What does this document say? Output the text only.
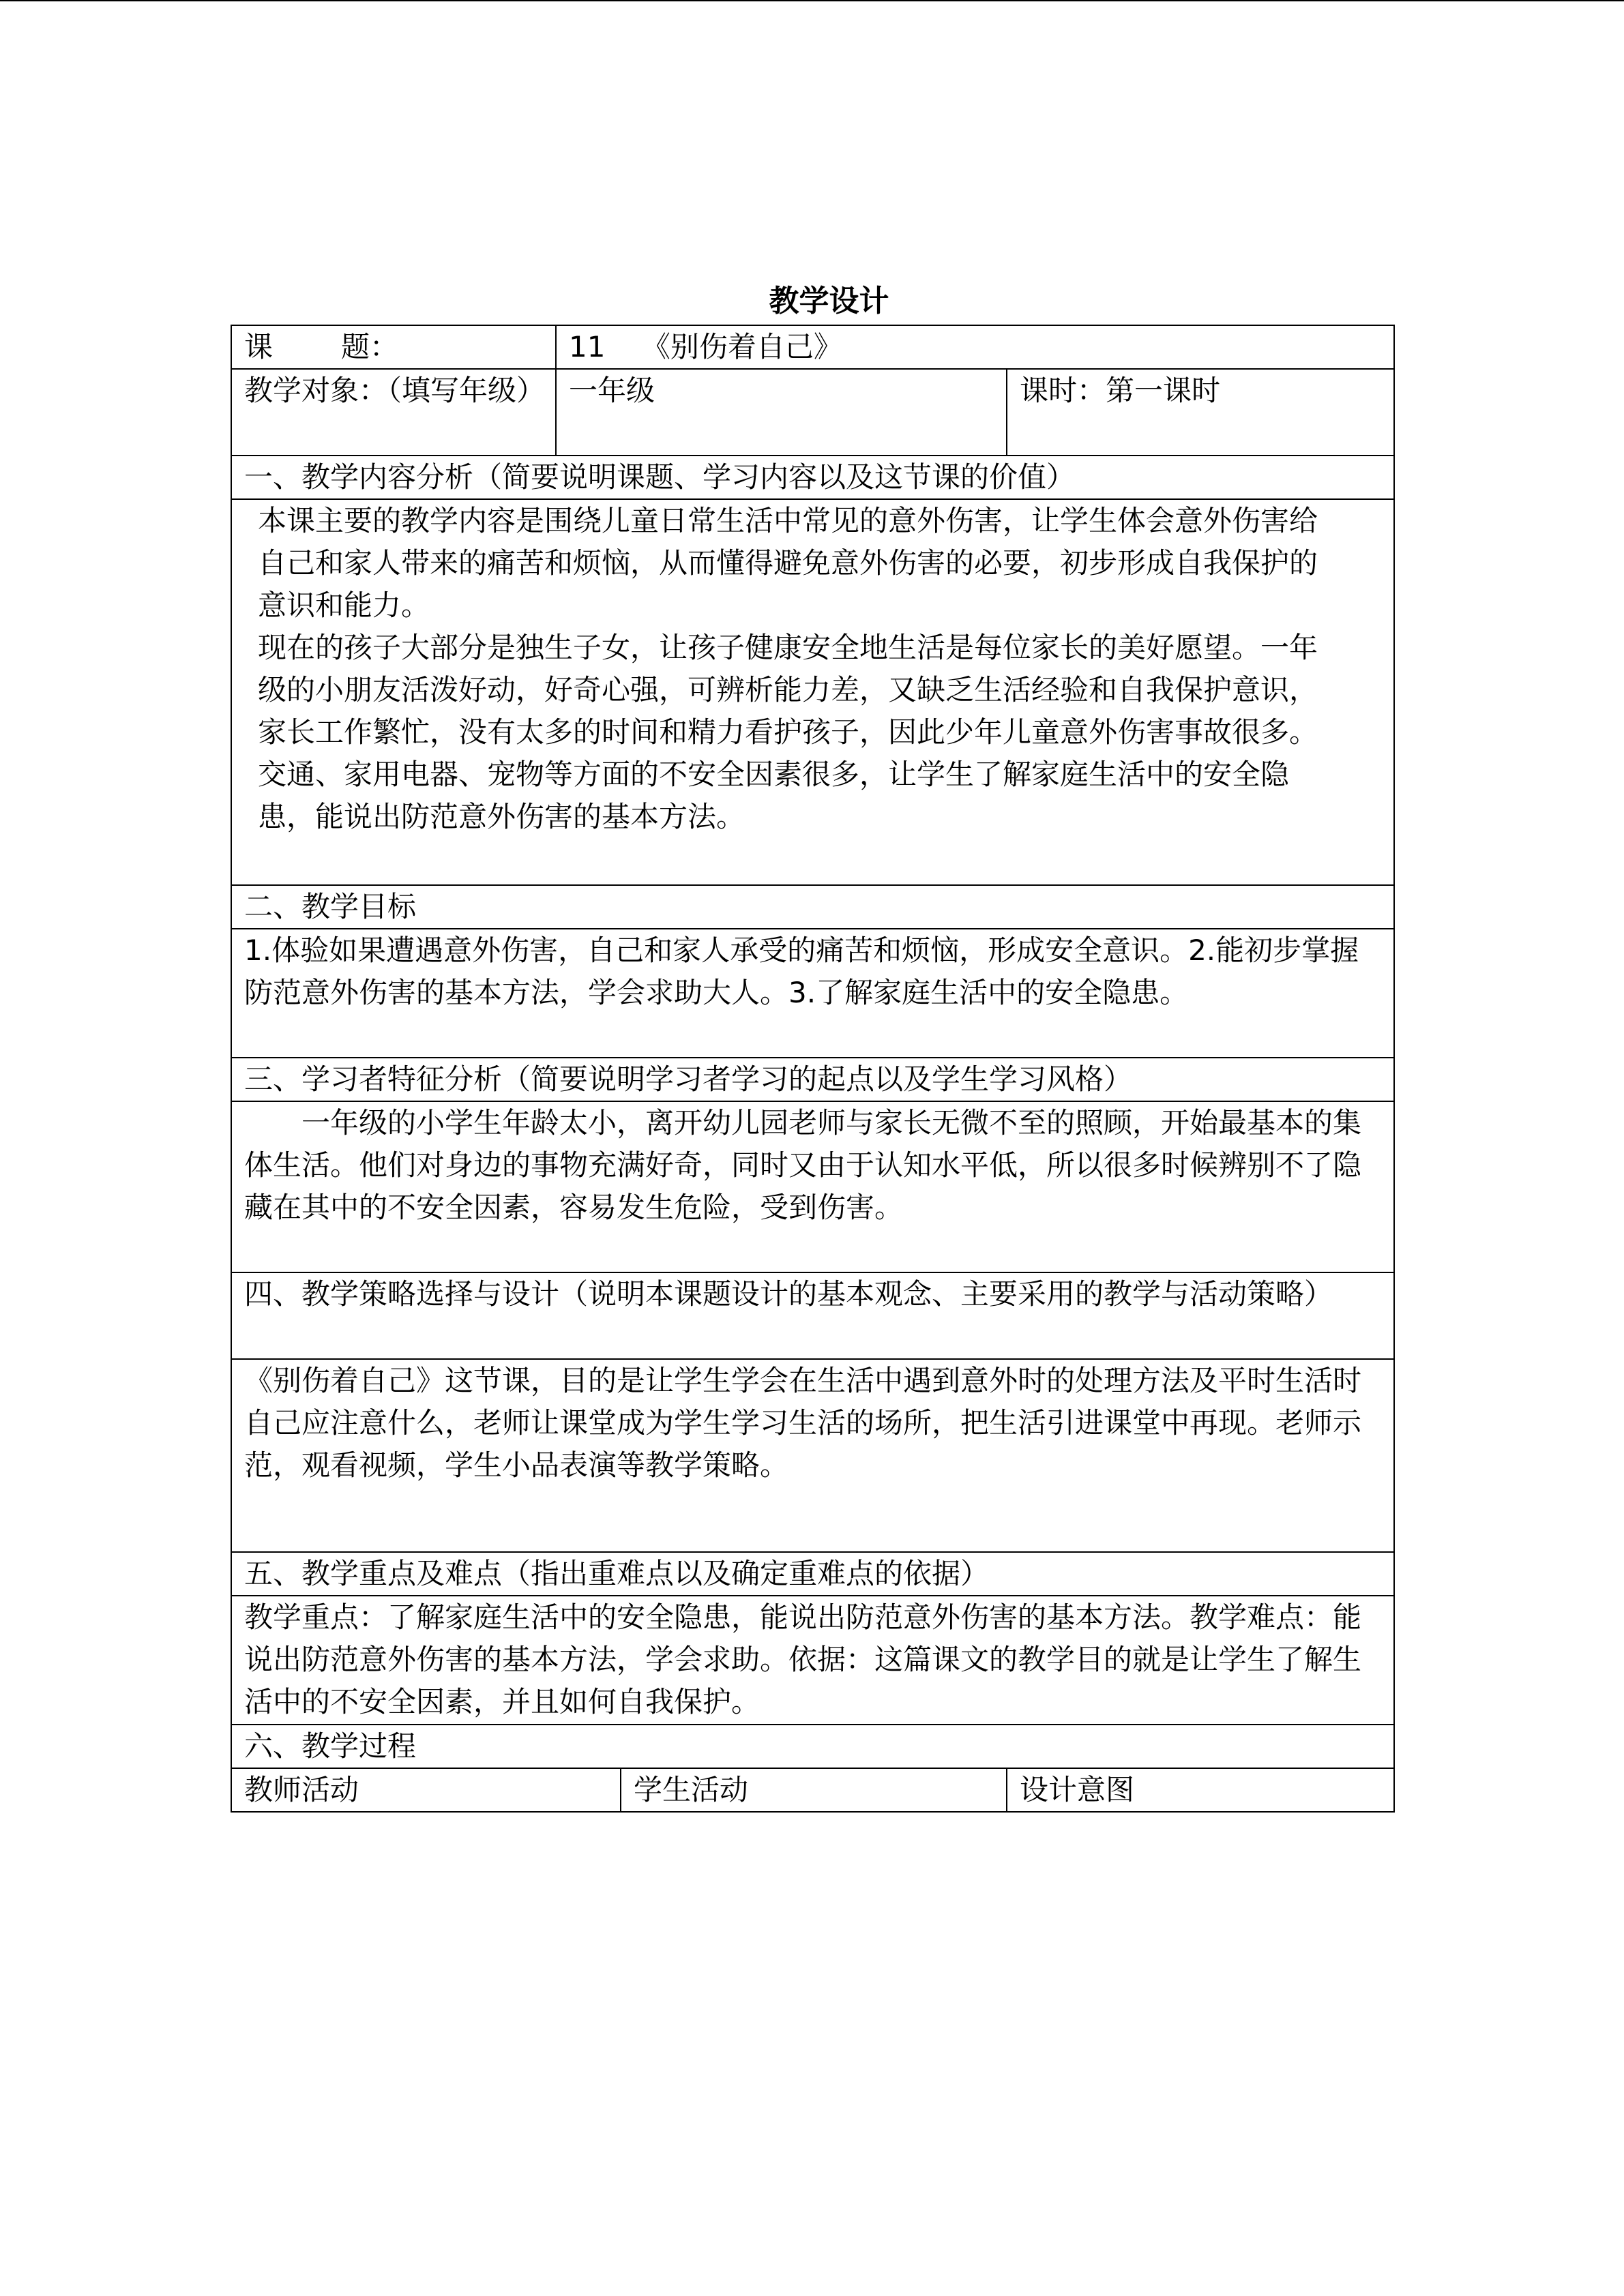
教学设计
课 题：	11 《别伤着自己》		
教学对象：（填写年级）	一年级		课时：第一课时
一、教学内容分析（简要说明课题、学习内容以及这节课的价值）			

本课主要的教学内容是围绕儿童日常生活中常见的意外伤害，让学生体会意外伤害给自己和家人带来的痛苦和烦恼，从而懂得避免意外伤害的必要，初步形成自我保护的意识和能力。

现在的孩子大部分是独生子女，让孩子健康安全地生活是每位家长的美好愿望。一年级的小朋友活泼好动，好奇心强，可辨析能力差，又缺乏生活经验和自我保护意识，家长工作繁忙，没有太多的时间和精力看护孩子，因此少年儿童意外伤害事故很多。交通、家用电器、宠物等方面的不安全因素很多，让学生了解家庭生活中的安全隐患，能说出防范意外伤害的基本方法。			

二、教学目标			
1.体验如果遭遇意外伤害，自己和家人承受的痛苦和烦恼，形成安全意识。2.能初步掌握防范意外伤害的基本方法，学会求助大人。3.了解家庭生活中的安全隐患。			
三、学习者特征分析（简要说明学习者学习的起点以及学生学习风格）			

一年级的小学生年龄太小，离开幼儿园老师与家长无微不至的照顾，开始最基本的集体生活。他们对身边的事物充满好奇，同时又由于认知水平低，所以很多时候辨别不了隐藏在其中的不安全因素，容易发生危险，受到伤害。			

四、教学策略选择与设计（说明本课题设计的基本观念、主要采用的教学与活动策略）			
《别伤着自己》这节课，目的是让学生学会在生活中遇到意外时的处理方法及平时生活时自己应注意什么，老师让课堂成为学生学习生活的场所，把生活引进课堂中再现。老师示范，观看视频，学生小品表演等教学策略。			
五、教学重点及难点（指出重难点以及确定重难点的依据）			
教学重点：了解家庭生活中的安全隐患，能说出防范意外伤害的基本方法。教学难点：能说出防范意外伤害的基本方法，学会求助。依据：这篇课文的教学目的就是让学生了解生活中的不安全因素，并且如何自我保护。			
六、教学过程			
教师活动		学生活动	设计意图
